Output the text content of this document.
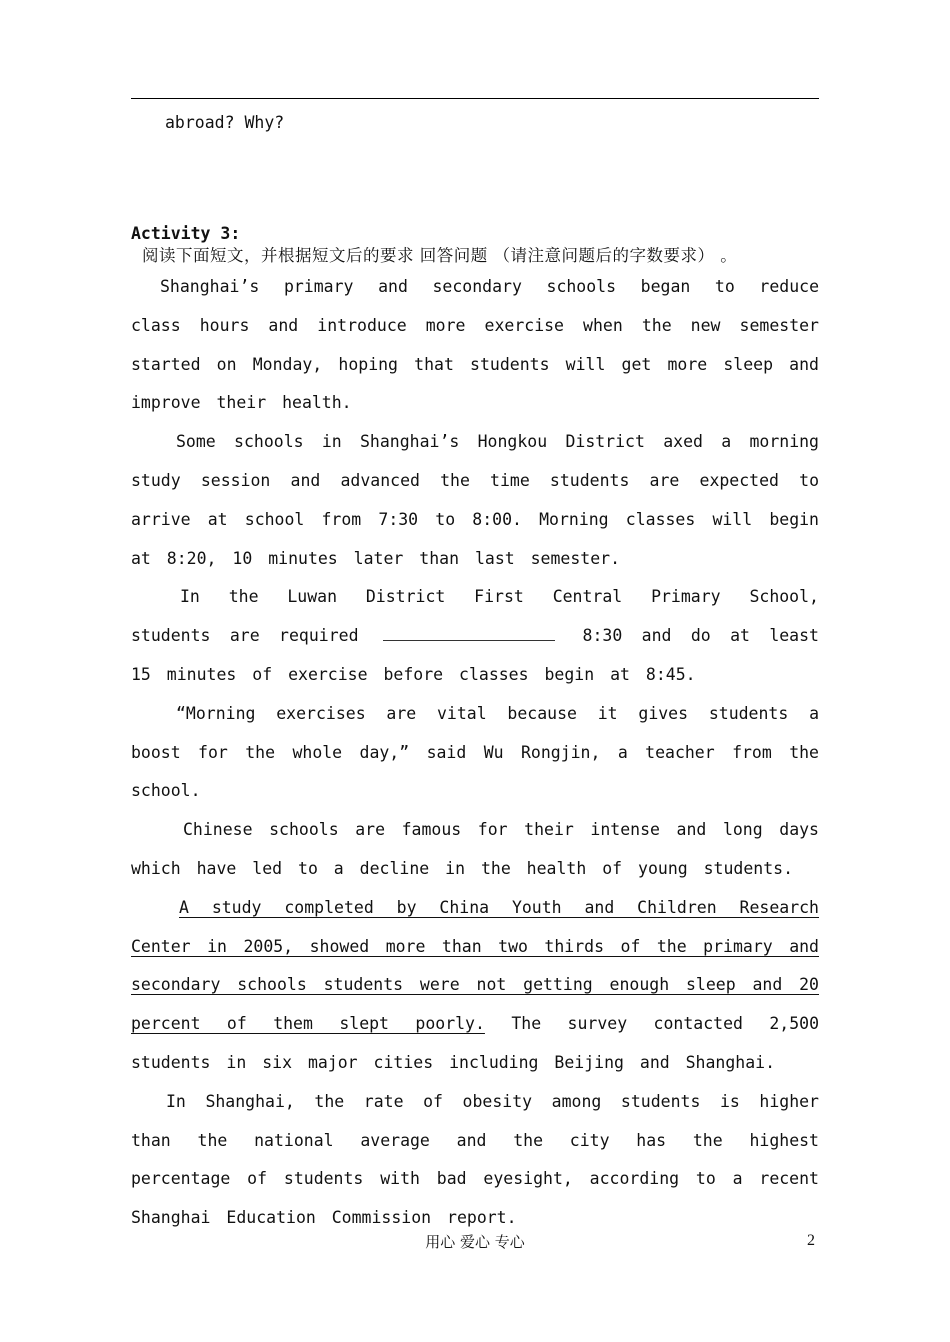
abroad? Why?
Activity 3:
阅读下面短文，并根据短文后的要求 回答问题 （请注意问题后的字数要求） 。

Shanghai’s primary and secondary schools began to reduce class hours and introduce more exercise when the new semester started on Monday, hoping that students will get more sleep and improve their health.

Some schools in Shanghai’s Hongkou District axed a morning study session and advanced the time students are expected to arrive at school from 7:30 to 8:00. Morning classes will begin at 8:20, 10 minutes later than last semester.

In the Luwan District First Central Primary School, students are required	8:30 and do at least 15 minutes of exercise before classes begin at 8:45.

“Morning exercises are vital because it gives students a boost for the whole day,” said Wu Rongjin, a teacher from the school.

Chinese schools are famous for their intense and long days which have led to a decline in the health of young students.

A study completed by China Youth and Children Research Center in 2005, showed more than two thirds of the primary and secondary schools students were not getting enough sleep and 20 percent of them slept poorly. The survey contacted 2,500 students in six major cities including Beijing and Shanghai.

In Shanghai, the rate of obesity among students is higher than the national average and the city has the highest percentage of students with bad eyesight, according to a recent Shanghai Education Commission report.

用心 爱心 专心	2
